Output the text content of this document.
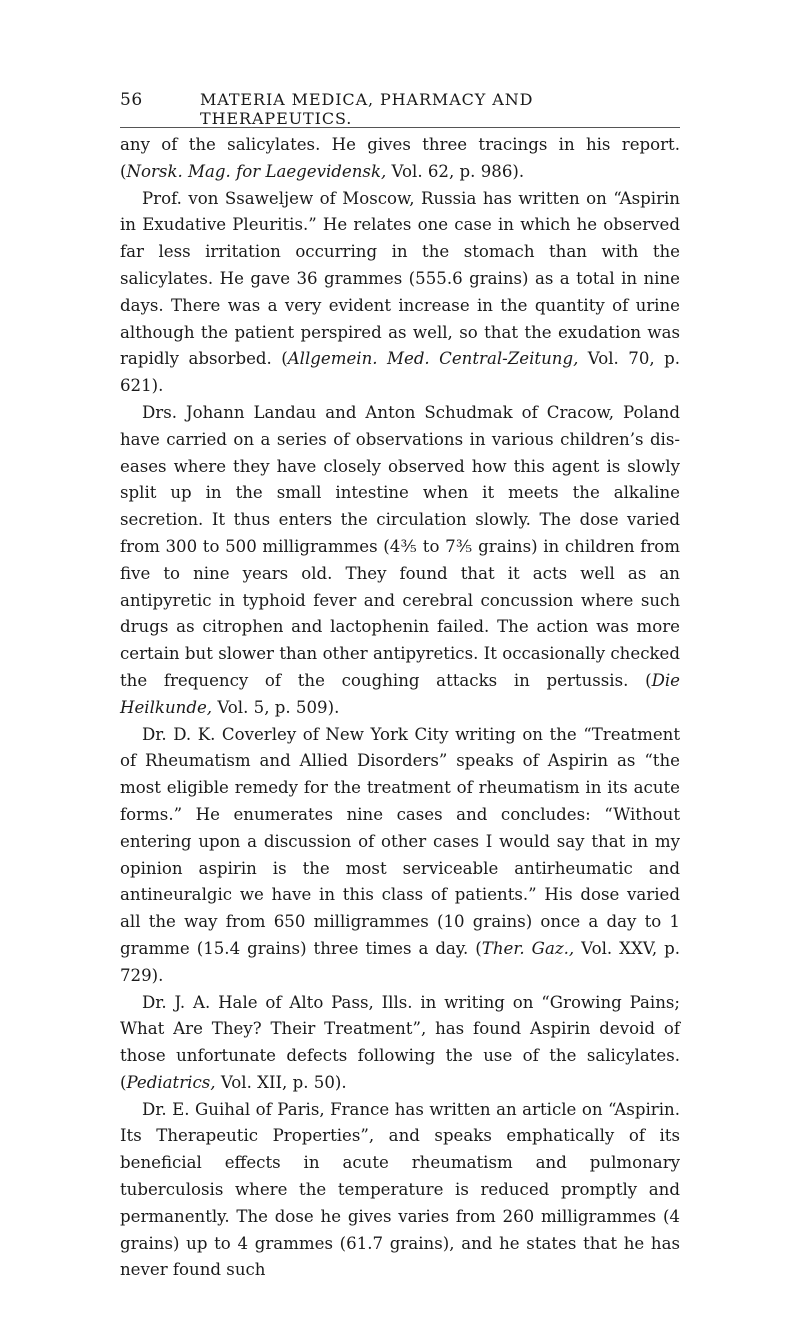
56	MATERIA MEDICA, PHARMACY AND THERAPEUTICS.

any of the salicylates. He gives three tracings in his report. (Norsk. Mag. for Laegevidensk, Vol. 62, p. 986).

Prof. von Ssaweljew of Moscow, Russia has written on “Aspirin in Exudative Pleuritis.” He relates one case in which he observed far less irritation occurring in the stomach than with the salicylates. He gave 36 grammes (555.6 grains) as a total in nine days. There was a very evident increase in the quantity of urine although the patient perspired as well, so that the exudation was rapidly absorbed. (Allgemein. Med. Central-Zeitung, Vol. 70, p. 621).

Drs. Johann Landau and Anton Schudmak of Cracow, Poland have carried on a series of observations in various children’s diseases where they have closely observed how this agent is slowly split up in the small intestine when it meets the alkaline secretion. It thus enters the circulation slowly. The dose varied from 300 to 500 milligrammes (4⅗ to 7⅗ grains) in children from five to nine years old. They found that it acts well as an antipyretic in typhoid fever and cerebral concussion where such drugs as citrophen and lactophenin failed. The action was more certain but slower than other antipyretics. It occasionally checked the frequency of the coughing attacks in pertussis. (Die Heilkunde, Vol. 5, p. 509).

Dr. D. K. Coverley of New York City writing on the “Treatment of Rheumatism and Allied Disorders” speaks of Aspirin as “the most eligible remedy for the treatment of rheumatism in its acute forms.” He enumerates nine cases and concludes: “Without entering upon a discussion of other cases I would say that in my opinion aspirin is the most serviceable antirheumatic and antineuralgic we have in this class of patients.” His dose varied all the way from 650 milligrammes (10 grains) once a day to 1 gramme (15.4 grains) three times a day. (Ther. Gaz., Vol. XXV, p. 729).

Dr. J. A. Hale of Alto Pass, Ills. in writing on “Growing Pains; What Are They? Their Treatment”, has found Aspirin devoid of those unfortunate defects following the use of the salicylates. (Pediatrics, Vol. XII, p. 50).

Dr. E. Guihal of Paris, France has written an article on “Aspirin. Its Therapeutic Properties”, and speaks emphatically of its beneficial effects in acute rheumatism and pulmonary tuberculosis where the temperature is reduced promptly and permanently. The dose he gives varies from 260 milligrammes (4 grains) up to 4 grammes (61.7 grains), and he states that he has never found such
